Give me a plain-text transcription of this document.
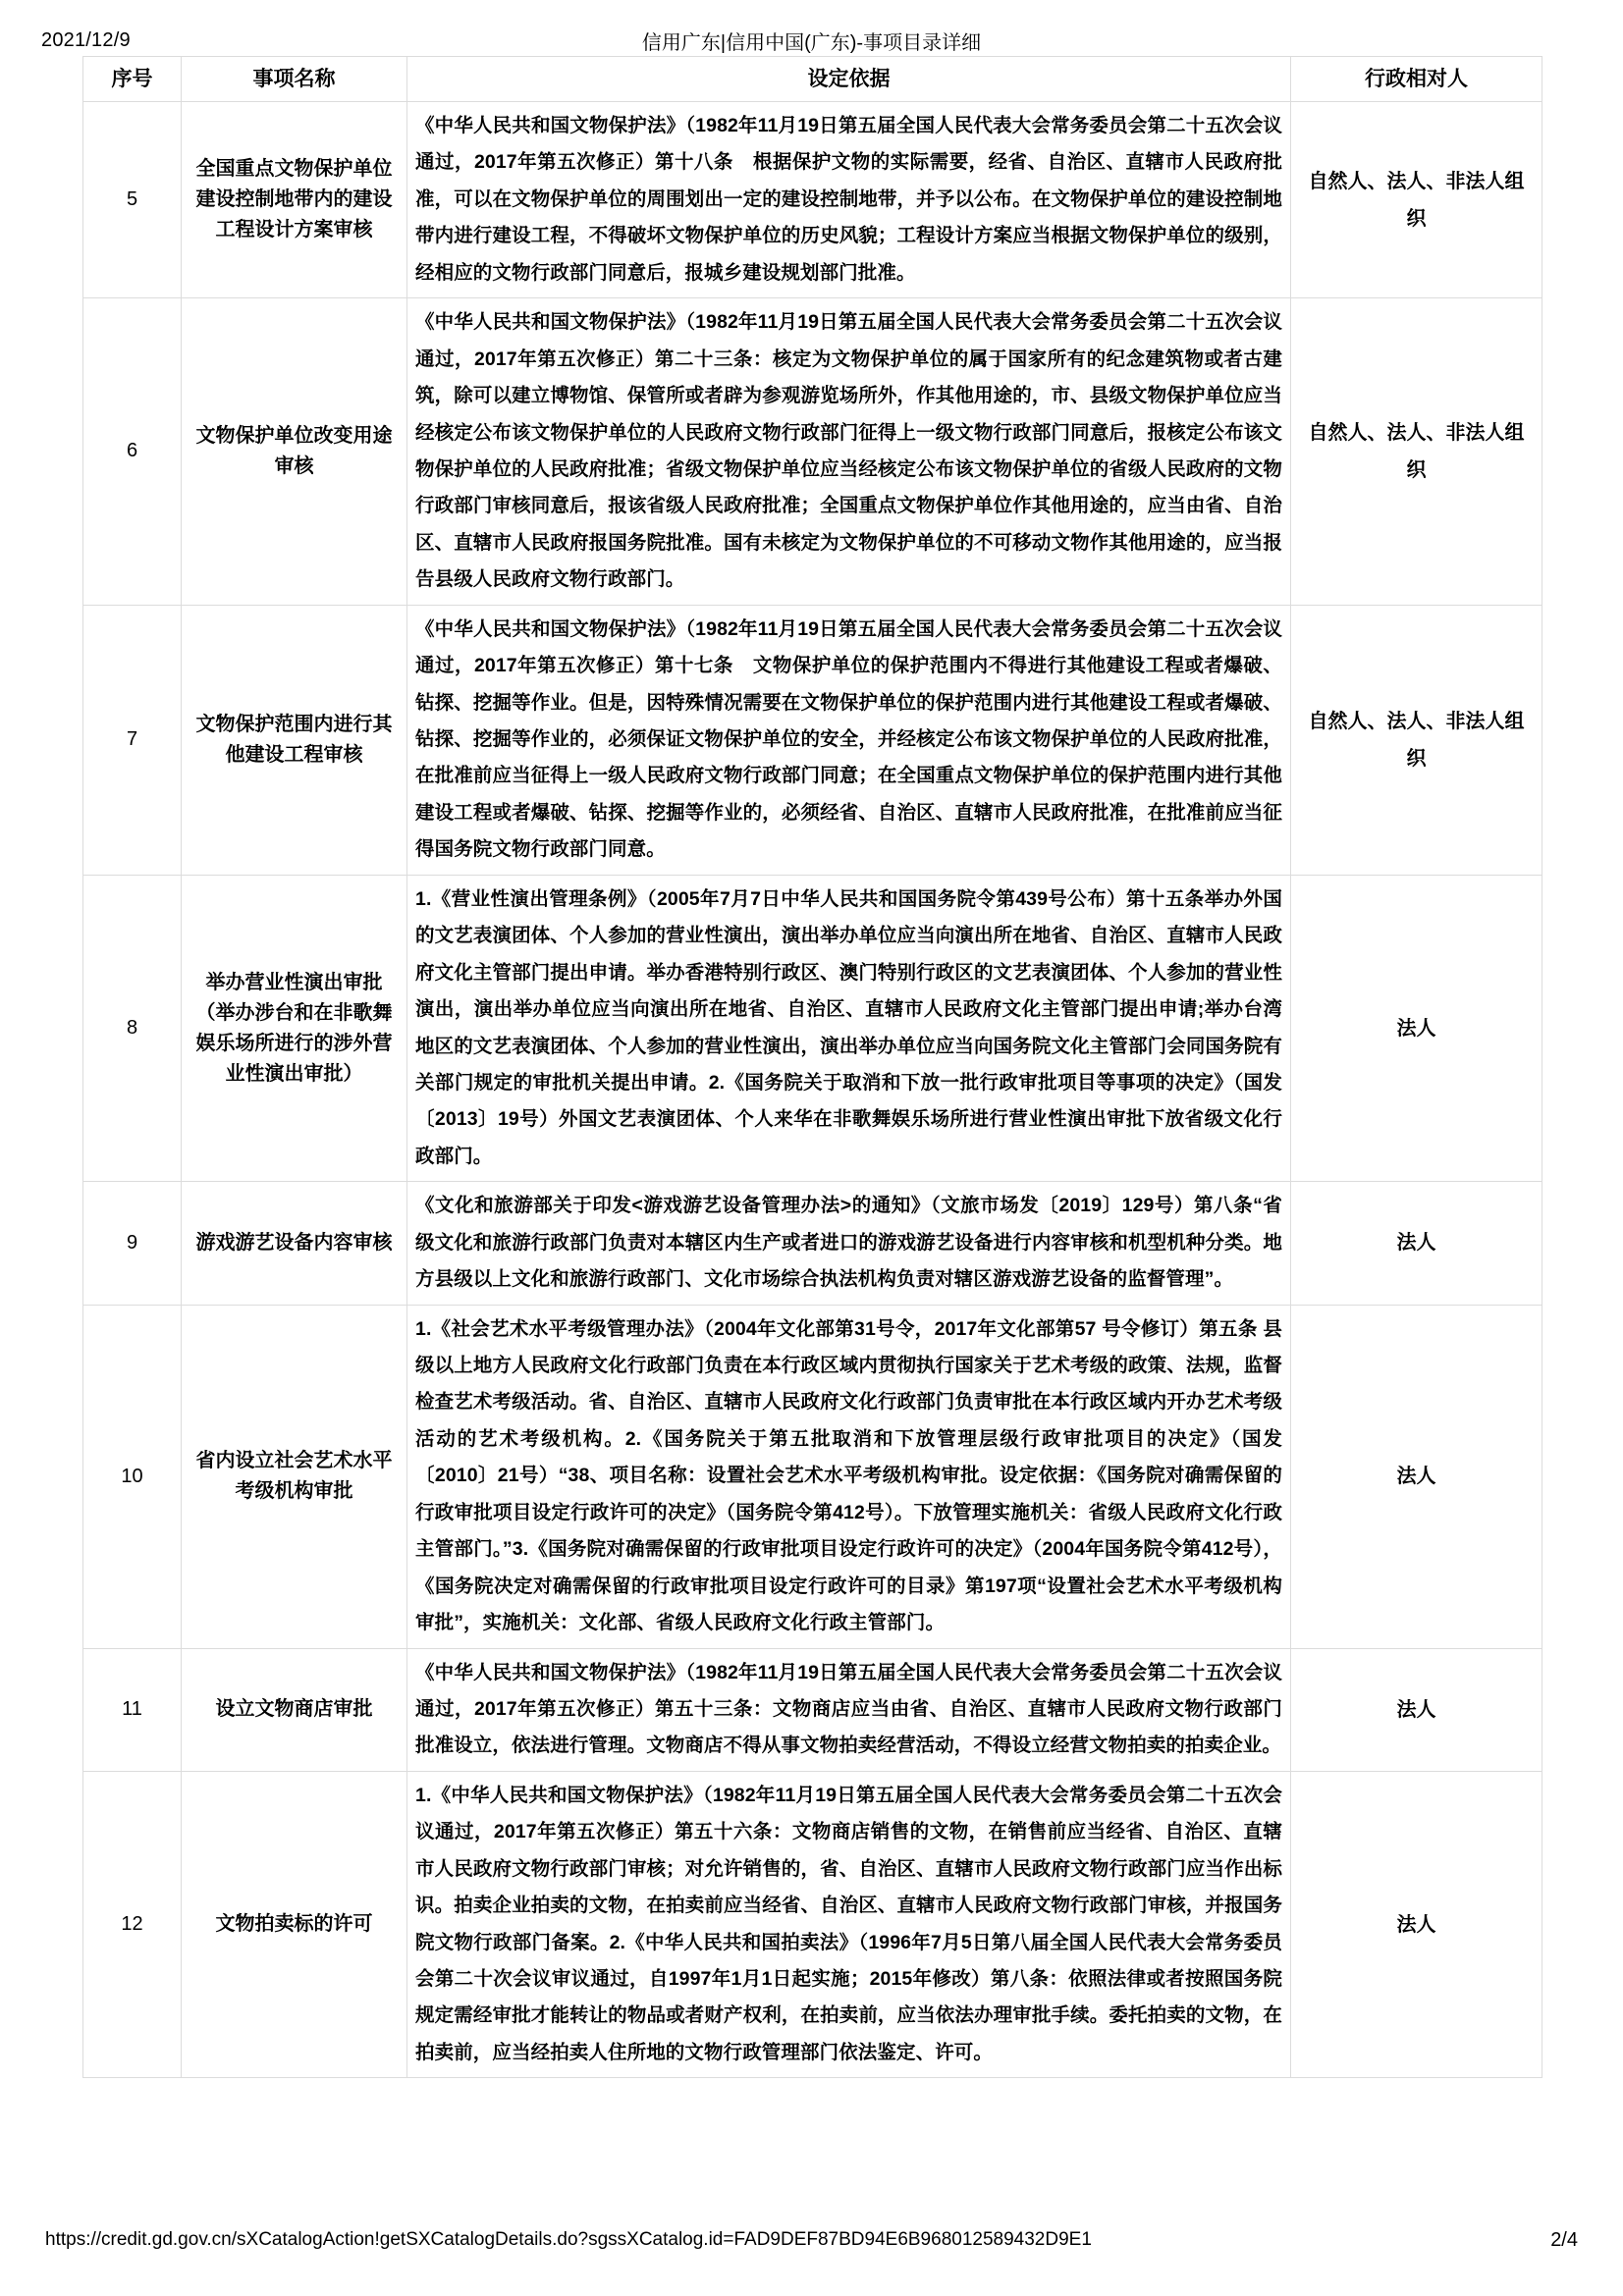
2021/12/9	信用广东|信用中国(广东)-事项目录详细
序号	事项名称	设定依据	行政相对人
5	全国重点文物保护单位建设控制地带内的建设工程设计方案审核	《中华人民共和国文物保护法》（1982年11月19日第五届全国人民代表大会常务委员会第二十五次会议通过，2017年第五次修正）第十八条　根据保护文物的实际需要，经省、自治区、直辖市人民政府批准，可以在文物保护单位的周围划出一定的建设控制地带，并予以公布。在文物保护单位的建设控制地带内进行建设工程，不得破坏文物保护单位的历史风貌；工程设计方案应当根据文物保护单位的级别，经相应的文物行政部门同意后，报城乡建设规划部门批准。	自然人、法人、非法人组织
6	文物保护单位改变用途审核	《中华人民共和国文物保护法》（1982年11月19日第五届全国人民代表大会常务委员会第二十五次会议通过，2017年第五次修正）第二十三条：核定为文物保护单位的属于国家所有的纪念建筑物或者古建筑，除可以建立博物馆、保管所或者辟为参观游览场所外，作其他用途的，市、县级文物保护单位应当经核定公布该文物保护单位的人民政府文物行政部门征得上一级文物行政部门同意后，报核定公布该文物保护单位的人民政府批准；省级文物保护单位应当经核定公布该文物保护单位的省级人民政府的文物行政部门审核同意后，报该省级人民政府批准；全国重点文物保护单位作其他用途的，应当由省、自治区、直辖市人民政府报国务院批准。国有未核定为文物保护单位的不可移动文物作其他用途的，应当报告县级人民政府文物行政部门。	自然人、法人、非法人组织
7	文物保护范围内进行其他建设工程审核	《中华人民共和国文物保护法》（1982年11月19日第五届全国人民代表大会常务委员会第二十五次会议通过，2017年第五次修正）第十七条　文物保护单位的保护范围内不得进行其他建设工程或者爆破、钻探、挖掘等作业。但是，因特殊情况需要在文物保护单位的保护范围内进行其他建设工程或者爆破、钻探、挖掘等作业的，必须保证文物保护单位的安全，并经核定公布该文物保护单位的人民政府批准，在批准前应当征得上一级人民政府文物行政部门同意；在全国重点文物保护单位的保护范围内进行其他建设工程或者爆破、钻探、挖掘等作业的，必须经省、自治区、直辖市人民政府批准，在批准前应当征得国务院文物行政部门同意。	自然人、法人、非法人组织
8	举办营业性演出审批（举办涉台和在非歌舞娱乐场所进行的涉外营业性演出审批）	1.《营业性演出管理条例》（2005年7月7日中华人民共和国国务院令第439号公布）第十五条举办外国的文艺表演团体、个人参加的营业性演出，演出举办单位应当向演出所在地省、自治区、直辖市人民政府文化主管部门提出申请。举办香港特别行政区、澳门特别行政区的文艺表演团体、个人参加的营业性演出，演出举办单位应当向演出所在地省、自治区、直辖市人民政府文化主管部门提出申请;举办台湾地区的文艺表演团体、个人参加的营业性演出，演出举办单位应当向国务院文化主管部门会同国务院有关部门规定的审批机关提出申请。2.《国务院关于取消和下放一批行政审批项目等事项的决定》（国发〔2013〕19号）外国文艺表演团体、个人来华在非歌舞娱乐场所进行营业性演出审批下放省级文化行政部门。	法人
9	游戏游艺设备内容审核	《文化和旅游部关于印发<游戏游艺设备管理办法>的通知》（文旅市场发〔2019〕129号）第八条“省级文化和旅游行政部门负责对本辖区内生产或者进口的游戏游艺设备进行内容审核和机型机种分类。地方县级以上文化和旅游行政部门、文化市场综合执法机构负责对辖区游戏游艺设备的监督管理”。	法人
10	省内设立社会艺术水平考级机构审批	1.《社会艺术水平考级管理办法》（2004年文化部第31号令，2017年文化部第57 号令修订）第五条 县级以上地方人民政府文化行政部门负责在本行政区域内贯彻执行国家关于艺术考级的政策、法规，监督检查艺术考级活动。省、自治区、直辖市人民政府文化行政部门负责审批在本行政区域内开办艺术考级活动的艺术考级机构。2.《国务院关于第五批取消和下放管理层级行政审批项目的决定》（国发〔2010〕21号）“38、项目名称：设置社会艺术水平考级机构审批。设定依据：《国务院对确需保留的行政审批项目设定行政许可的决定》（国务院令第412号）。下放管理实施机关：省级人民政府文化行政主管部门。”3.《国务院对确需保留的行政审批项目设定行政许可的决定》（2004年国务院令第412号），《国务院决定对确需保留的行政审批项目设定行政许可的目录》第197项“设置社会艺术水平考级机构审批”，实施机关：文化部、省级人民政府文化行政主管部门。	法人
11	设立文物商店审批	《中华人民共和国文物保护法》（1982年11月19日第五届全国人民代表大会常务委员会第二十五次会议通过，2017年第五次修正）第五十三条：文物商店应当由省、自治区、直辖市人民政府文物行政部门批准设立，依法进行管理。文物商店不得从事文物拍卖经营活动，不得设立经营文物拍卖的拍卖企业。	法人
12	文物拍卖标的许可	1.《中华人民共和国文物保护法》（1982年11月19日第五届全国人民代表大会常务委员会第二十五次会议通过，2017年第五次修正）第五十六条：文物商店销售的文物，在销售前应当经省、自治区、直辖市人民政府文物行政部门审核；对允许销售的，省、自治区、直辖市人民政府文物行政部门应当作出标识。拍卖企业拍卖的文物，在拍卖前应当经省、自治区、直辖市人民政府文物行政部门审核，并报国务院文物行政部门备案。2.《中华人民共和国拍卖法》（1996年7月5日第八届全国人民代表大会常务委员会第二十次会议审议通过，自1997年1月1日起实施；2015年修改）第八条：依照法律或者按照国务院规定需经审批才能转让的物品或者财产权利，在拍卖前，应当依法办理审批手续。委托拍卖的文物，在拍卖前，应当经拍卖人住所地的文物行政管理部门依法鉴定、许可。	法人
https://credit.gd.gov.cn/sXCatalogAction!getSXCatalogDetails.do?sgssXCatalog.id=FAD9DEF87BD94E6B968012589432D9E1	2/4
